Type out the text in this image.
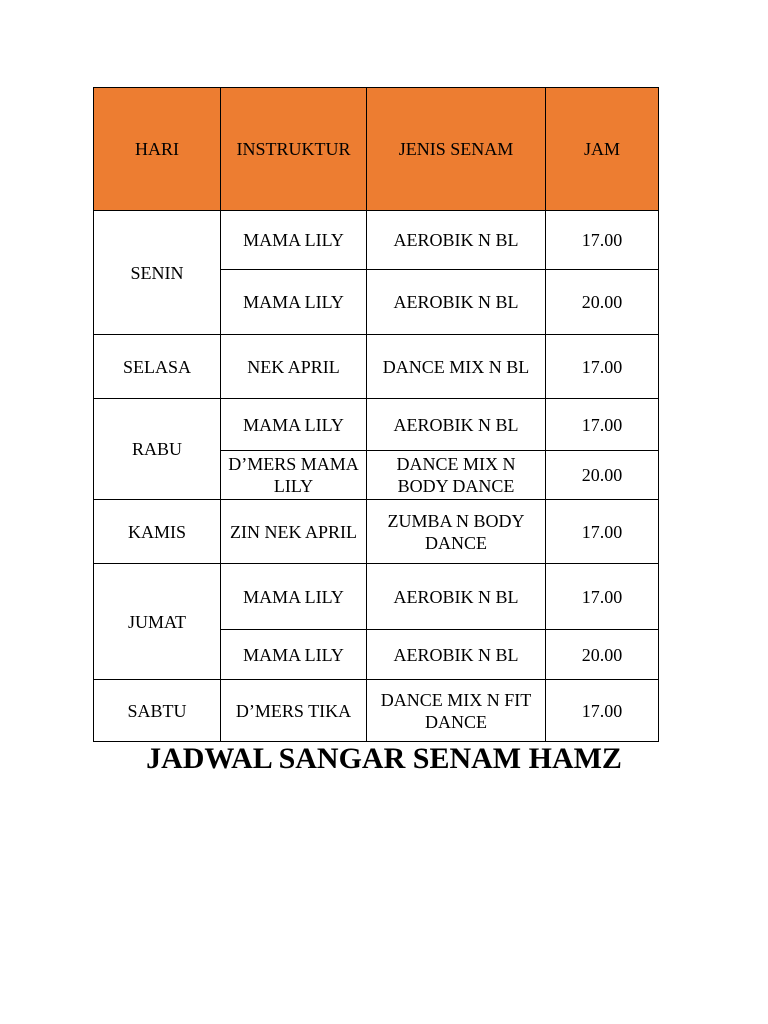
HARI	INSTRUKTUR	JENIS SENAM	JAM
SENIN	MAMA LILY	AEROBIK N BL	17.00
	MAMA LILY	AEROBIK N BL	20.00
SELASA	NEK APRIL	DANCE MIX N BL	17.00
RABU	MAMA LILY	AEROBIK N BL	17.00
	D’MERS MAMA LILY	DANCE MIX N BODY DANCE	20.00
KAMIS	ZIN NEK APRIL	ZUMBA N BODY DANCE	17.00
JUMAT	MAMA LILY	AEROBIK N BL	17.00
	MAMA LILY	AEROBIK N BL	20.00
SABTU	D’MERS TIKA	DANCE MIX N FIT DANCE	17.00
JADWAL SANGAR SENAM HAMZ
